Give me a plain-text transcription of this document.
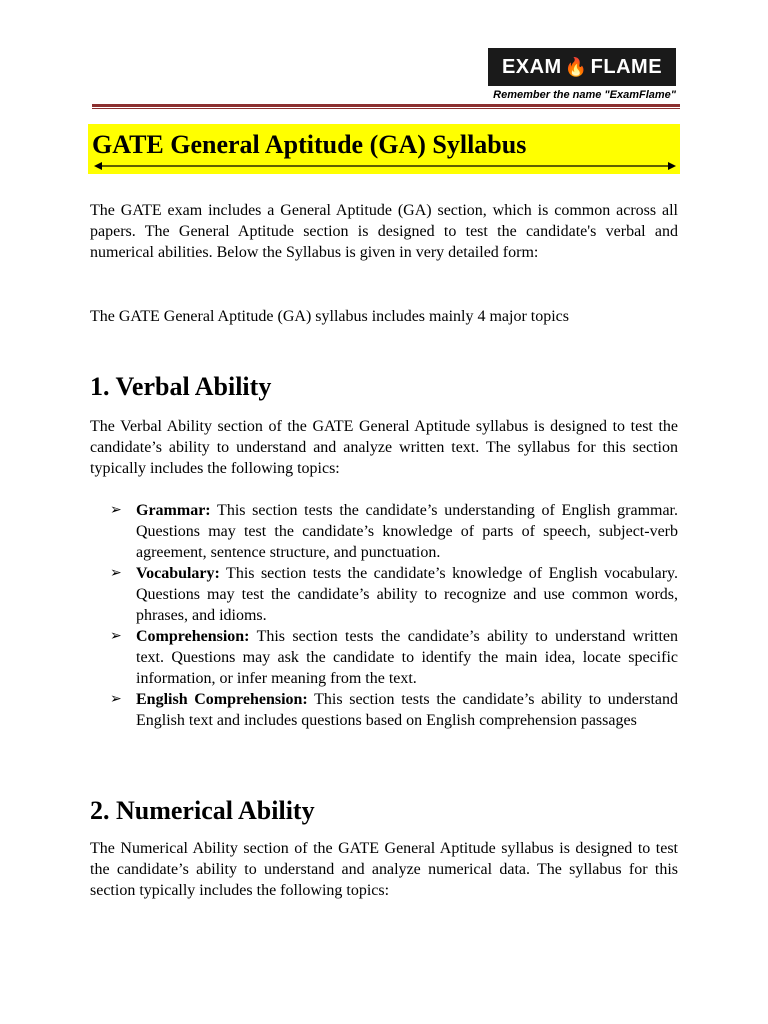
EXAM 🔥 FLAME
Remember the name "ExamFlame"
GATE General Aptitude (GA) Syllabus

The GATE exam includes a General Aptitude (GA) section, which is common across all papers. The General Aptitude section is designed to test the candidate's verbal and numerical abilities. Below the Syllabus is given in very detailed form:

The GATE General Aptitude (GA) syllabus includes mainly 4 major topics

1. Verbal Ability

The Verbal Ability section of the GATE General Aptitude syllabus is designed to test the candidate’s ability to understand and analyze written text. The syllabus for this section typically includes the following topics:

➢ Grammar: This section tests the candidate’s understanding of English grammar. Questions may test the candidate’s knowledge of parts of speech, subject-verb agreement, sentence structure, and punctuation.
➢ Vocabulary: This section tests the candidate’s knowledge of English vocabulary. Questions may test the candidate’s ability to recognize and use common words, phrases, and idioms.
➢ Comprehension: This section tests the candidate’s ability to understand written text. Questions may ask the candidate to identify the main idea, locate specific information, or infer meaning from the text.
➢ English Comprehension: This section tests the candidate’s ability to understand English text and includes questions based on English comprehension passages
2. Numerical Ability

The Numerical Ability section of the GATE General Aptitude syllabus is designed to test the candidate’s ability to understand and analyze numerical data. The syllabus for this section typically includes the following topics:
